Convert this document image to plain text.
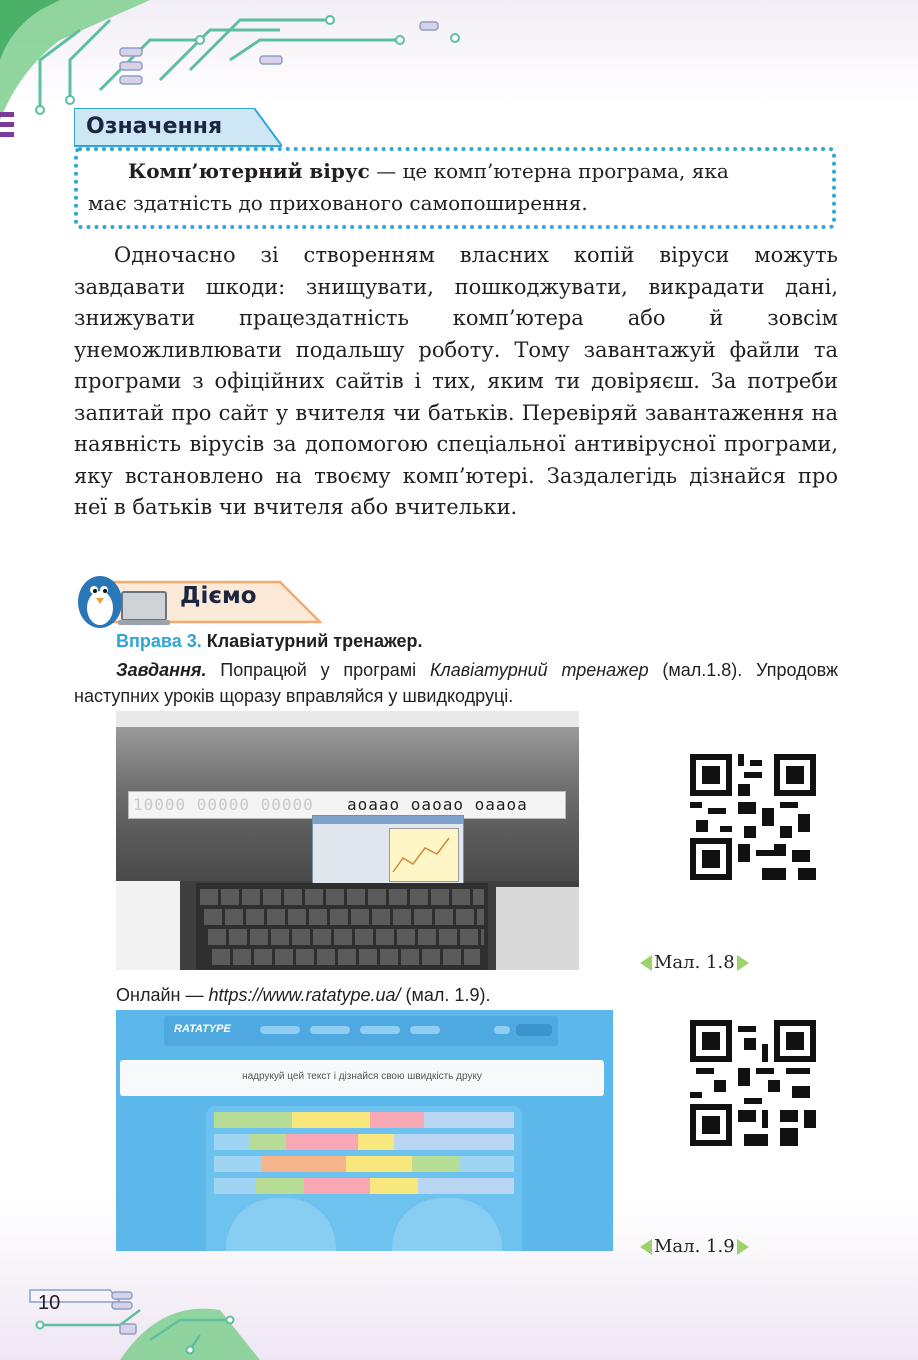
Означення
Комп’ютерний вірус — це комп’ютерна програма, яка
має здатність до прихованого самопоширення.
Одночасно зі створенням власних копій віруси можуть завдавати шкоди: знищувати, пошкоджувати, викрадати дані, знижувати працездатність комп’ютера або й зовсім унеможливлювати подальшу роботу. Тому завантажуй файли та програми з офіційних сайтів і тих, яким ти довіряєш. За потреби запитай про сайт у вчителя чи батьків. Перевіряй завантаження на наявність вірусів за допомогою спеціальної антивірусної програми, яку встановлено на твоєму комп’ютері. Заздалегідь дізнайся про неї в батьків чи вчителя або вчительки.
Діємо
Вправа 3. Клавіатурний тренажер.
Завдання. Попрацюй у програмі Клавіатурний тренажер (мал.1.8). Упродовж наступних уроків щоразу вправляйся у швидкодруці.
10000 00000 00000 аоаао оаоао оаао​а
Мал. 1.8
Онлайн — https://www.ratatype.ua/ (мал. 1.9).
RATATYPE
надрукуй цей текст і дізнайся свою швидкість друку
Мал. 1.9
10
